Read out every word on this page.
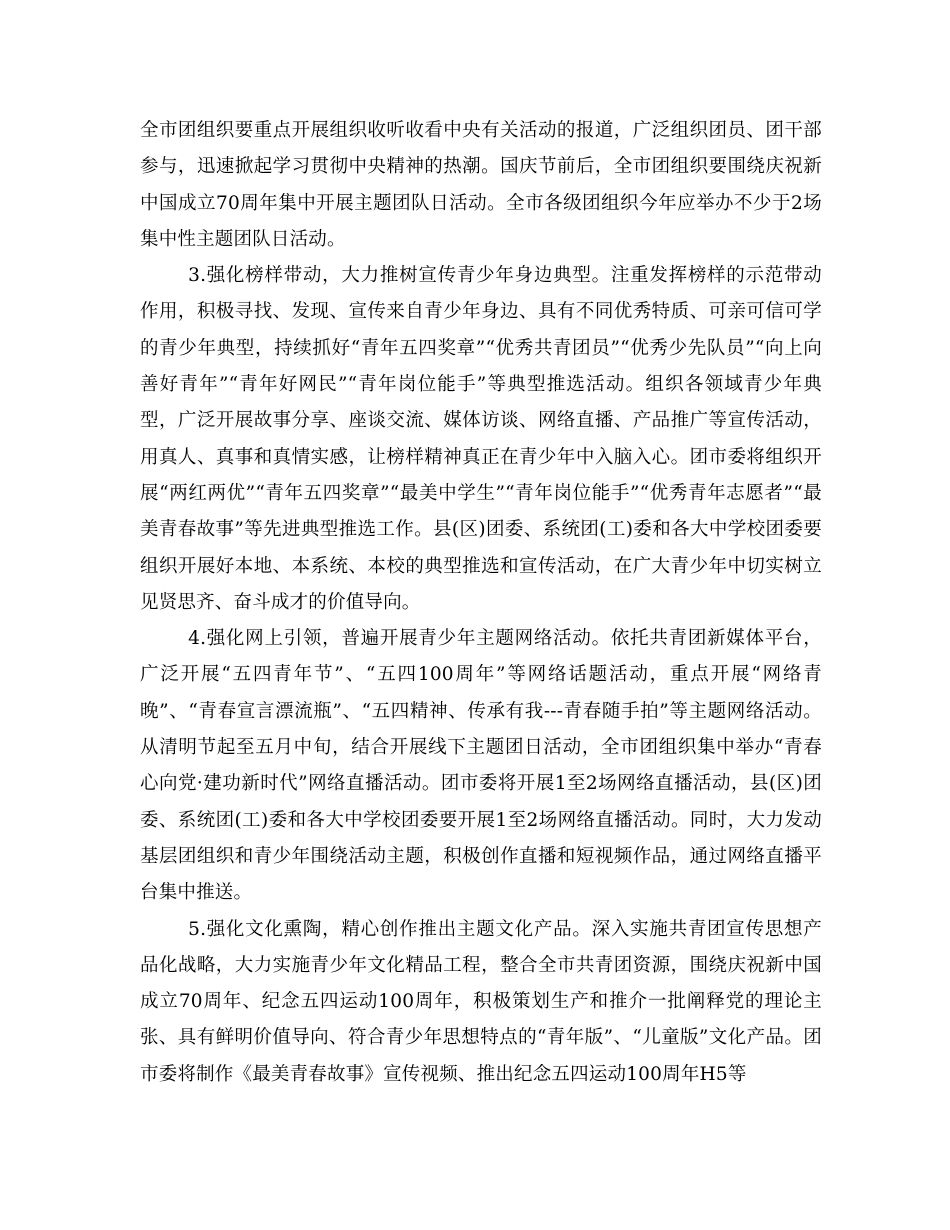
全市团组织要重点开展组织收听收看中央有关活动的报道，广泛组织团员、团干部参与，迅速掀起学习贯彻中央精神的热潮。国庆节前后，全市团组织要围绕庆祝新中国成立70周年集中开展主题团队日活动。全市各级团组织今年应举办不少于2场集中性主题团队日活动。

3.强化榜样带动，大力推树宣传青少年身边典型。注重发挥榜样的示范带动作用，积极寻找、发现、宣传来自青少年身边、具有不同优秀特质、可亲可信可学的青少年典型，持续抓好“青年五四奖章”“优秀共青团员”“优秀少先队员”“向上向善好青年”“青年好网民”“青年岗位能手”等典型推选活动。组织各领域青少年典型，广泛开展故事分享、座谈交流、媒体访谈、网络直播、产品推广等宣传活动，用真人、真事和真情实感，让榜样精神真正在青少年中入脑入心。团市委将组织开展“两红两优”“青年五四奖章”“最美中学生”“青年岗位能手”“优秀青年志愿者”“最美青春故事”等先进典型推选工作。县(区)团委、系统团(工)委和各大中学校团委要组织开展好本地、本系统、本校的典型推选和宣传活动，在广大青少年中切实树立见贤思齐、奋斗成才的价值导向。

4.强化网上引领，普遍开展青少年主题网络活动。依托共青团新媒体平台，广泛开展“五四青年节”、“五四100周年”等网络话题活动，重点开展“网络青晚”、“青春宣言漂流瓶”、“五四精神、传承有我---青春随手拍”等主题网络活动。从清明节起至五月中旬，结合开展线下主题团日活动，全市团组织集中举办“青春心向党·建功新时代”网络直播活动。团市委将开展1至2场网络直播活动，县(区)团委、系统团(工)委和各大中学校团委要开展1至2场网络直播活动。同时，大力发动基层团组织和青少年围绕活动主题，积极创作直播和短视频作品，通过网络直播平台集中推送。

5.强化文化熏陶，精心创作推出主题文化产品。深入实施共青团宣传思想产品化战略，大力实施青少年文化精品工程，整合全市共青团资源，围绕庆祝新中国成立70周年、纪念五四运动100周年，积极策划生产和推介一批阐释党的理论主张、具有鲜明价值导向、符合青少年思想特点的“青年版”、“儿童版”文化产品。团市委将制作《最美青春故事》宣传视频、推出纪念五四运动100周年H5等
